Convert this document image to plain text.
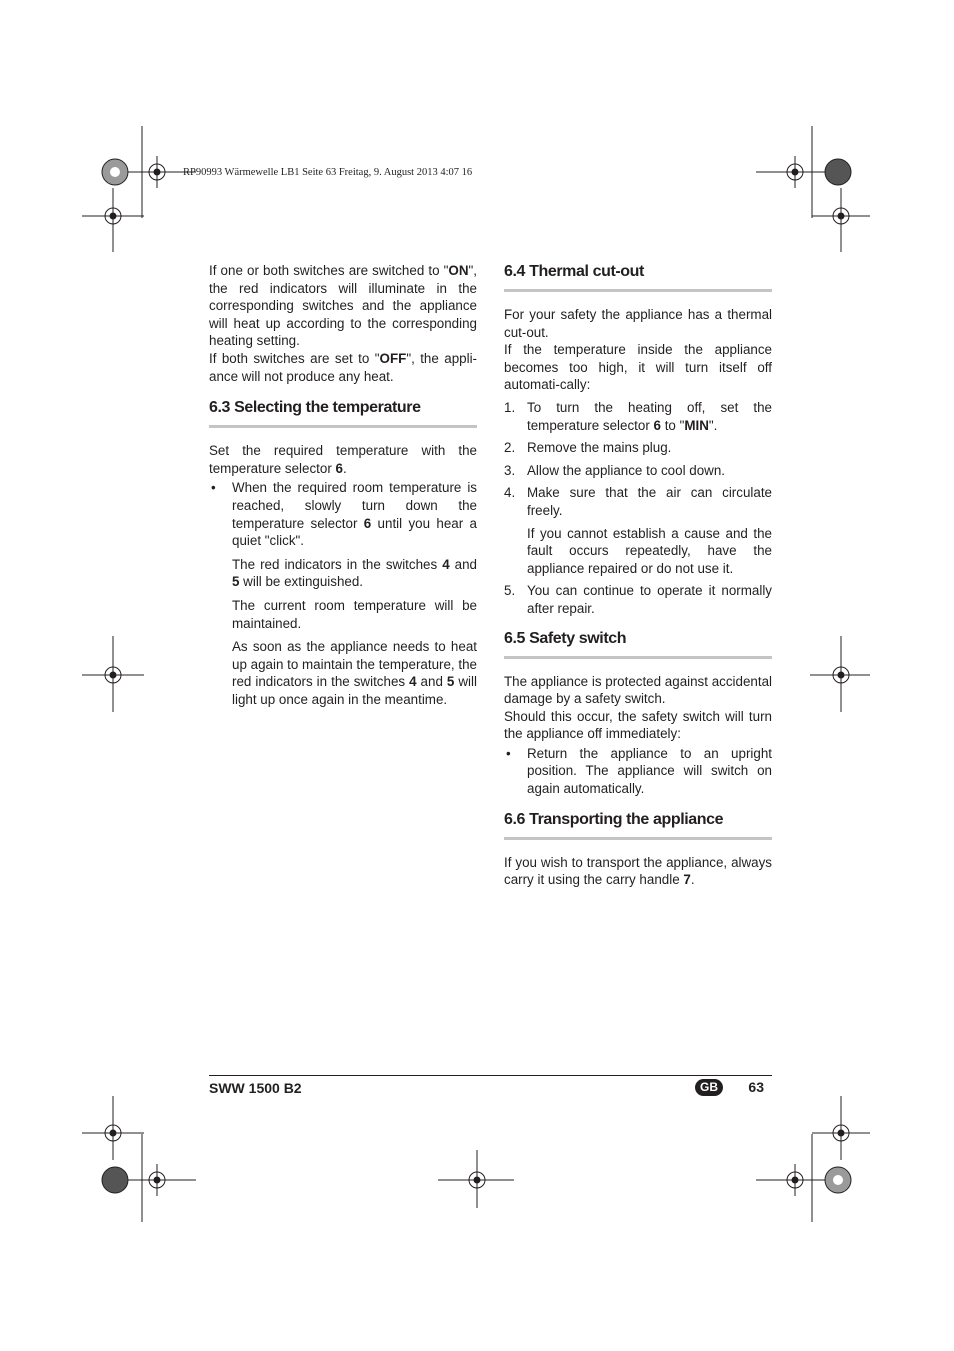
RP90993 Wärmewelle LB1 Seite 63 Freitag, 9. August 2013 4:07 16

If one or both switches are switched to "ON", the red indicators will illuminate in the corresponding switches and the appliance will heat up according to the corresponding heating setting.

If both switches are set to "OFF", the appli-ance will not produce any heat.

6.3 Selecting the temperature

Set the required temperature with the temperature selector 6.

• When the required room temperature is reached, slowly turn down the temperature selector 6 until you hear a quiet "click".

The red indicators in the switches 4 and 5 will be extinguished.

The current room temperature will be maintained.

As soon as the appliance needs to heat up again to maintain the temperature, the red indicators in the switches 4 and 5 will light up once again in the meantime.

6.4 Thermal cut-out

For your safety the appliance has a thermal cut-out.

If the temperature inside the appliance becomes too high, it will turn itself off automati-cally:

1. To turn the heating off, set the temperature selector 6 to "MIN".

2. Remove the mains plug.

3. Allow the appliance to cool down.

4. Make sure that the air can circulate freely.

If you cannot establish a cause and the fault occurs repeatedly, have the appliance repaired or do not use it.

5. You can continue to operate it normally after repair.

6.5 Safety switch

The appliance is protected against accidental damage by a safety switch.

Should this occur, the safety switch will turn the appliance off immediately:

• Return the appliance to an upright position. The appliance will switch on again automatically.

6.6 Transporting the appliance

If you wish to transport the appliance, always carry it using the carry handle 7.

SWW 1500 B2	GB	63
